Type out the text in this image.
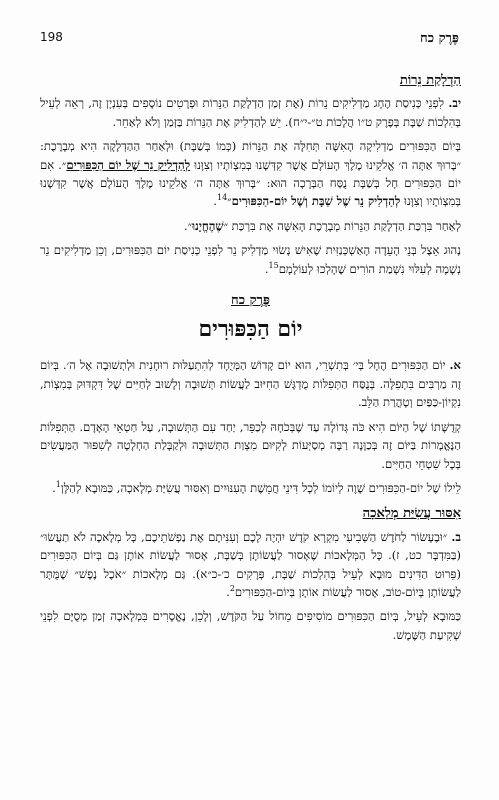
198	פֶּרֶק כח
הַדְלָקַת נֵרוֹת

יב. לִפְנֵי כְּנִיסַת הֶחָג מַדְלִיקִים נֵרוֹת (אֶת זְמַן הַדְלָקַת הַנֵּרוֹת וּפְרָטִים נוֹסָפִים בְּעִנְיָן זֶה, רְאֵה לְעֵיל בְּהִלְכוֹת שַׁבָּת בְּפֶרֶק ט״ו הֲלָכוֹת ט״-י״ח). יֵשׁ לְהַדְלִיק אֶת הַנֵּרוֹת בַּזְּמַן וְלֹא לְאַחֵר.

בְּיוֹם הַכִּפּוּרִים מַדְלִיקָה הָאִשָּׁה תְּחִלָּה אֶת הַנֵּרוֹת (כְּמוֹ בְּשַׁבָּת) וּלְאַחַר הַהַדְלָקָה הִיא מְבָרֶכֶת: ״בָּרוּךְ אַתָּה ה׳ אֱלֹקֵינוּ מֶלֶךְ הָעוֹלָם אֲשֶׁר קִדְּשָׁנוּ בְּמִצְוֹתָיו וְצִוָּנוּ לְהַדְלִיק נֵר שֶׁל יוֹם הַכִּפּוּרִים״. אִם יוֹם הַכִּפּוּרִים חָל בְּשַׁבָּת נֻסַּח הַבְּרָכָה הוּא: ״בָּרוּךְ אַתָּה ה׳ אֱלֹקֵינוּ מֶלֶךְ הָעוֹלָם אֲשֶׁר קִדְּשָׁנוּ בְּמִצְוֹתָיו וְצִוָּנוּ לְהַדְלִיק נֵר שֶׁל שַׁבָּת וְשֶׁל יוֹם-הַכִּפּוּרִים״$^{14}$.

לְאַחַר בִּרְכַּת הַדְלָקַת הַנֵּרוֹת מְבָרֶכֶת הָאִשָּׁה אֶת בִּרְכַּת ״שֶׁהֶחֱיָנוּ״.

נָהוּג אֵצֶל בְּנֵי הָעֵדָה הָאַשְׁכְּנַזִּית שֶׁאִישׁ נָשׂוּי מַדְלִיק נֵר לִפְנֵי כְּנִיסַת יוֹם הַכִּפּוּרִים, וְכֵן מַדְלִיקִים נֵר נְשָׁמָה לְעִלּוּי נִשְׁמַת הוֹרִים שֶׁהָלְכוּ לְעוֹלָמָם$^{15}$.

פֶּרֶק כח
יוֹם הַכִּפּוּרִים

א. יוֹם הַכִּפּוּרִים הֶחָל בְּי׳ בְּתִשְׁרֵי, הוּא יוֹם קָדוֹשׁ הַמְּיֻחָד לְהִתְעַלּוּת רוּחָנִית וּלְתְשׁוּבָה אֶל ה׳. בְּיוֹם זֶה מַרְבִּים בִּתְפִלָּה. בְּנֻסַּח הַתְּפִלּוֹת מֻדְגָּשׁ הַחִיּוּב לַעֲשׂוֹת תְּשׁוּבָה וְלָשׁוּב לְחַיִּים שֶׁל דִּקְדּוּק בְּמִצְוֹת, נִקְיוֹן-כַּפַּיִם וְטָהֳרַת הַלֵּב.

קְדֻשָּׁתוֹ שֶׁל הַיּוֹם הִיא כֹּה גְּדוֹלָה עַד שֶׁבְּכֹחָהּ לְכַפֵּר, יַחַד עִם הַתְּשׁוּבָה, עַל חַטְאֵי הָאָדָם. הַתְּפִלּוֹת הַנֶּאֱמָרוֹת בַּיּוֹם זֶה בְּכַוָּנָה רַבָּה מְסַיְּעוֹת לְקִיּוּם מִצְוַת הַתְּשׁוּבָה וּלְקַבָּלַת הַחְלָטָה לְשִׁפּוּר הַמַּעֲשִׂים בְּכָל שִׁטְחֵי הַחַיִּים.

לֵילוֹ שֶׁל יוֹם-הַכִּפּוּרִים שָׁוֶה לְיוֹמוֹ לְכָל דִּינֵי חֲמֵשֶׁת הָעִנּוּיִים וְאִסּוּר עֲשִׂיַּת מְלָאכָה, כַּמּוּבָא לְהַלָּן$^1$.

אִסּוּר עֲשִׂיַּת מְלָאכָה

ב. ״וּבֶעָשׂוֹר לַחֹדֶשׁ הַשְּׁבִיעִי מִקְרָא קֹדֶשׁ יִהְיֶה לָכֶם וְעִנִּיתֶם אֶת נַפְשֹׁתֵיכֶם, כָּל מְלָאכָה לֹא תַעֲשׂוּ״ (בַּמִּדְבָּר כט, ז). כָּל הַמְּלָאכוֹת שֶׁאָסוּר לַעֲשׂוֹתָן בְּשַׁבָּת, אָסוּר לַעֲשׂוֹת אוֹתָן גַּם בְּיוֹם הַכִּפּוּרִים (פֵּרוּט הַדִּינִים מוּבָא לְעֵיל בְּהִלְכוֹת שַׁבָּת, פְּרָקִים כ׳-כ״א). גַּם מְלָאכוֹת ״אֹכֶל נֶפֶשׁ״ שֶׁמֻּתָּר לַעֲשׂוֹתָן בְּיוֹם-טוֹב, אָסוּר לַעֲשׂוֹת אוֹתָן בְּיוֹם-הַכִּפּוּרִים$^2$.

כַּמּוּבָא לְעֵיל, בְּיוֹם הַכִּפּוּרִים מוֹסִיפִים מֵחוֹל עַל הַקֹּדֶשׁ, וְלָכֵן, נֶאֱסָרִים בִּמְלָאכָה זְמַן מְסֻיָּם לִפְנֵי שְׁקִיעַת הַשֶּׁמֶשׁ.
